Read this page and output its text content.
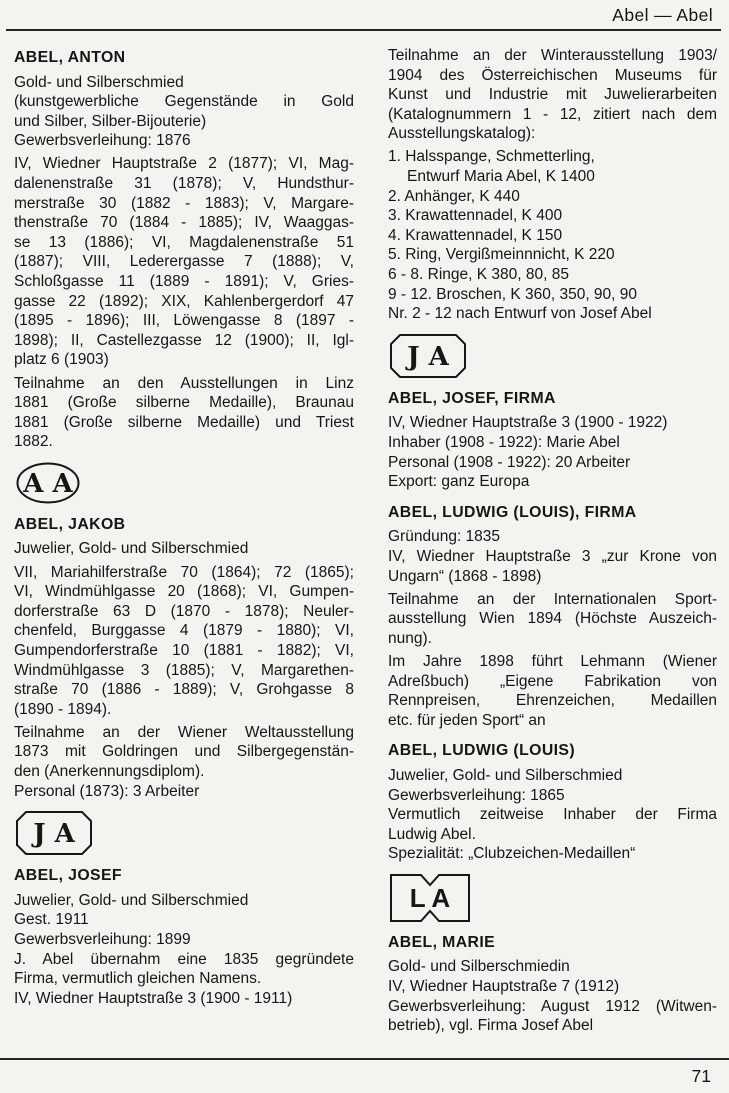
Abel — Abel
ABEL, ANTON
Gold- und Silberschmied
(kunstgewerbliche Gegenstände in Gold
und Silber, Silber-Bijouterie)
Gewerbsverleihung: 1876
IV, Wiedner Hauptstraße 2 (1877); VI, Mag-
dalenenstraße 31 (1878); V, Hundsthur-
merstraße 30 (1882 - 1883); V, Margare-
thenstraße 70 (1884 - 1885); IV, Waaggas-
se 13 (1886); VI, Magdalenenstraße 51
(1887); VIII, Lederergasse 7 (1888); V,
Schloßgasse 11 (1889 - 1891); V, Gries-
gasse 22 (1892); XIX, Kahlenbergerdorf 47
(1895 - 1896); III, Löwengasse 8 (1897 -
1898); II, Castellezgasse 12 (1900); II, Igl-
platz 6 (1903)
Teilnahme an den Ausstellungen in Linz
1881 (Große silberne Medaille), Braunau
1881 (Große silberne Medaille) und Triest
1882.
A A
ABEL, JAKOB
Juwelier, Gold- und Silberschmied
VII, Mariahilferstraße 70 (1864); 72 (1865);
VI, Windmühlgasse 20 (1868); VI, Gumpen-
dorferstraße 63 D (1870 - 1878); Neuler-
chenfeld, Burggasse 4 (1879 - 1880); VI,
Gumpendorferstraße 10 (1881 - 1882); VI,
Windmühlgasse 3 (1885); V, Margarethen-
straße 70 (1886 - 1889); V, Grohgasse 8
(1890 - 1894).
Teilnahme an der Wiener Weltausstellung
1873 mit Goldringen und Silbergegenstän-
den (Anerkennungsdiplom).
Personal (1873): 3 Arbeiter
J A
ABEL, JOSEF
Juwelier, Gold- und Silberschmied
Gest. 1911
Gewerbsverleihung: 1899
J. Abel übernahm eine 1835 gegründete
Firma, vermutlich gleichen Namens.
IV, Wiedner Hauptstraße 3 (1900 - 1911)
Teilnahme an der Winterausstellung 1903/
1904 des Österreichischen Museums für
Kunst und Industrie mit Juwelierarbeiten
(Katalognummern 1 - 12, zitiert nach dem
Ausstellungskatalog):
1. Halsspange, Schmetterling,
Entwurf Maria Abel, K 1400
2. Anhänger, K 440
3. Krawattennadel, K 400
4. Krawattennadel, K 150
5. Ring, Vergißmeinnnicht, K 220
6 - 8. Ringe, K 380, 80, 85
9 - 12. Broschen, K 360, 350, 90, 90
Nr. 2 - 12 nach Entwurf von Josef Abel
J A
ABEL, JOSEF, FIRMA
IV, Wiedner Hauptstraße 3 (1900 - 1922)
Inhaber (1908 - 1922): Marie Abel
Personal (1908 - 1922): 20 Arbeiter
Export: ganz Europa
ABEL, LUDWIG (LOUIS), FIRMA
Gründung: 1835
IV, Wiedner Hauptstraße 3 „zur Krone von
Ungarn“ (1868 - 1898)
Teilnahme an der Internationalen Sport-
ausstellung Wien 1894 (Höchste Auszeich-
nung).
Im Jahre 1898 führt Lehmann (Wiener
Adreßbuch) „Eigene Fabrikation von
Rennpreisen, Ehrenzeichen, Medaillen
etc. für jeden Sport“ an
ABEL, LUDWIG (LOUIS)
Juwelier, Gold- und Silberschmied
Gewerbsverleihung: 1865
Vermutlich zeitweise Inhaber der Firma
Ludwig Abel.
Spezialität: „Clubzeichen-Medaillen“
L A
ABEL, MARIE
Gold- und Silberschmiedin
IV, Wiedner Hauptstraße 7 (1912)
Gewerbsverleihung: August 1912 (Witwen-
betrieb), vgl. Firma Josef Abel
71
